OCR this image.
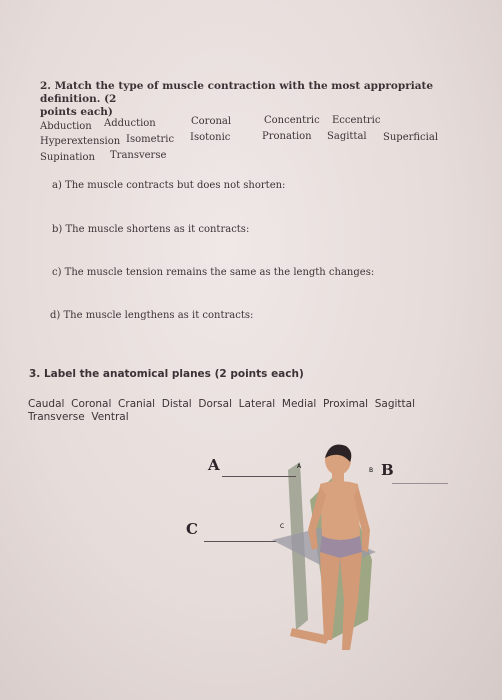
2. Match the type of muscle contraction with the most appropriate definition. (2
points each)
Abduction Adduction	Coronal	Concentric Eccentric
Hyperextension Isometric Isotonic	Pronation Sagittal Superficial
Supination Transverse
a) The muscle contracts but does not shorten:
b) The muscle shortens as it contracts:
c) The muscle tension remains the same as the length changes:
d) The muscle lengthens as it contracts:
3. Label the anatomical planes (2 points each)
Caudal  Coronal  Cranial  Distal  Dorsal  Lateral  Medial  Proximal  Sagittal
Transverse  Ventral
A
B
C
A	B
C
